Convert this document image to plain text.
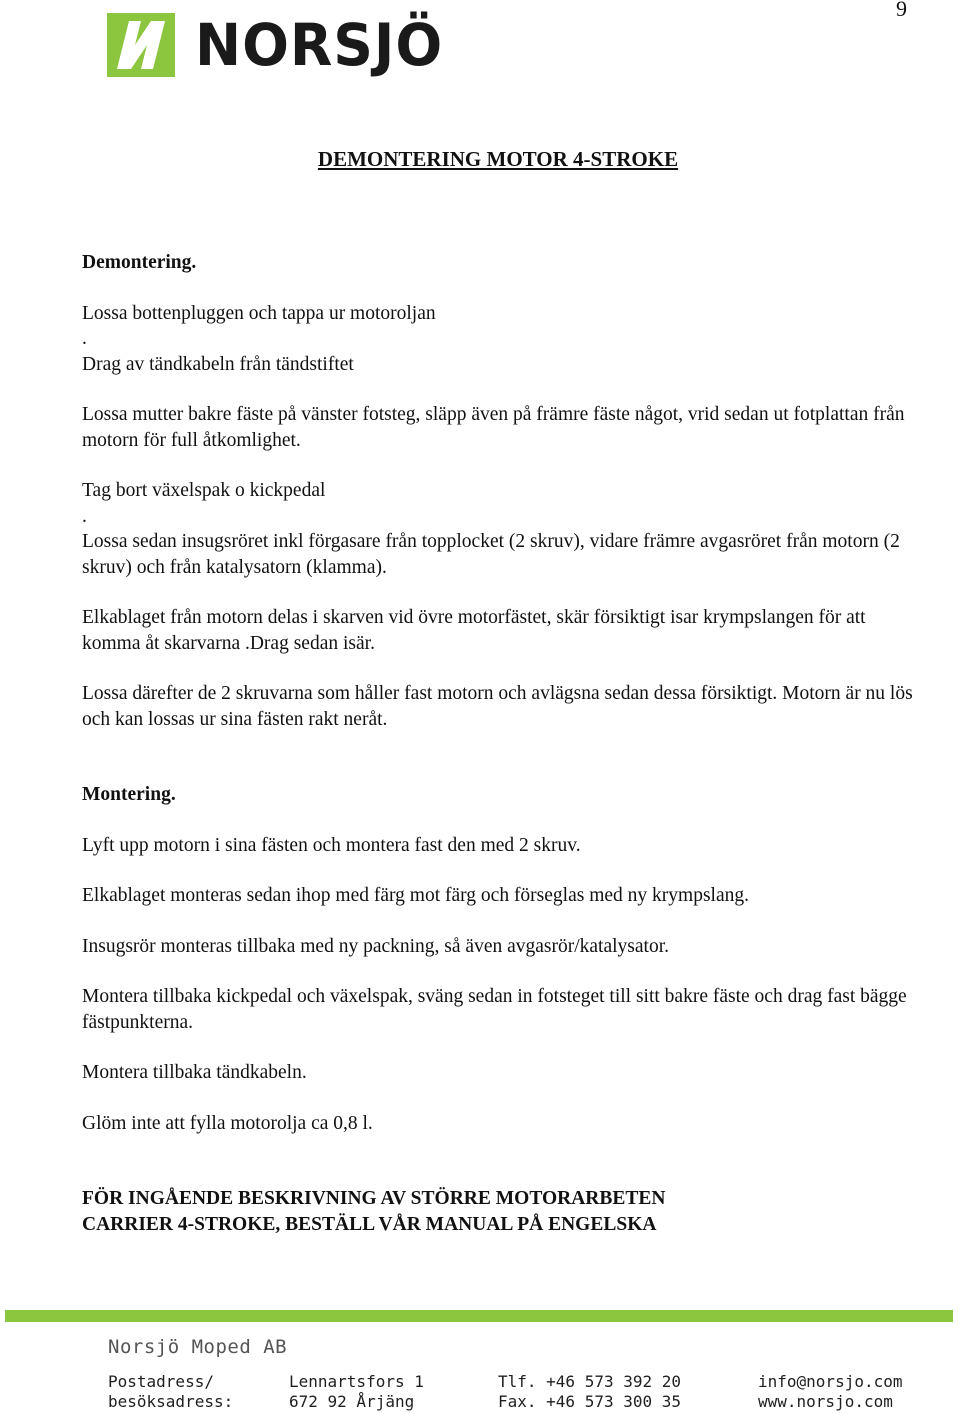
9
NORSJÖ
DEMONTERING MOTOR 4-STROKE

Demontering.

Lossa bottenpluggen och tappa ur motoroljan

.

Drag av tändkabeln från tändstiftet

Lossa mutter bakre fäste på vänster fotsteg, släpp även på främre fäste något, vrid sedan ut fotplattan från motorn för full åtkomlighet.

Tag bort växelspak o kickpedal

.

Lossa sedan insugsröret inkl förgasare från topplocket (2 skruv), vidare främre avgasröret från motorn (2 skruv) och från katalysatorn (klamma).

Elkablaget från motorn delas i skarven vid övre motorfästet, skär försiktigt isar krympslangen för att komma åt skarvarna .Drag sedan isär.

Lossa därefter de 2 skruvarna som håller fast motorn och avlägsna sedan dessa försiktigt. Motorn är nu lös och kan lossas ur sina fästen rakt neråt.

Montering.

Lyft upp motorn i sina fästen och montera fast den med 2 skruv.

Elkablaget monteras sedan ihop med färg mot färg och förseglas med ny krympslang.

Insugsrör monteras tillbaka med ny packning, så även avgasrör/katalysator.

Montera tillbaka kickpedal och växelspak, sväng sedan in fotsteget till sitt bakre fäste och drag fast bägge fästpunkterna.

Montera tillbaka tändkabeln.

Glöm inte att fylla motorolja ca 0,8 l.

FÖR INGÅENDE BESKRIVNING AV STÖRRE MOTORARBETEN

CARRIER 4-STROKE, BESTÄLL VÅR MANUAL PÅ ENGELSKA

Norsjö Moped AB
Postadress/
besöksadress:
Lennartsfors 1
672 92 Årjäng
Tlf. +46 573 392 20
Fax. +46 573 300 35
info@norsjo.com
www.norsjo.com
